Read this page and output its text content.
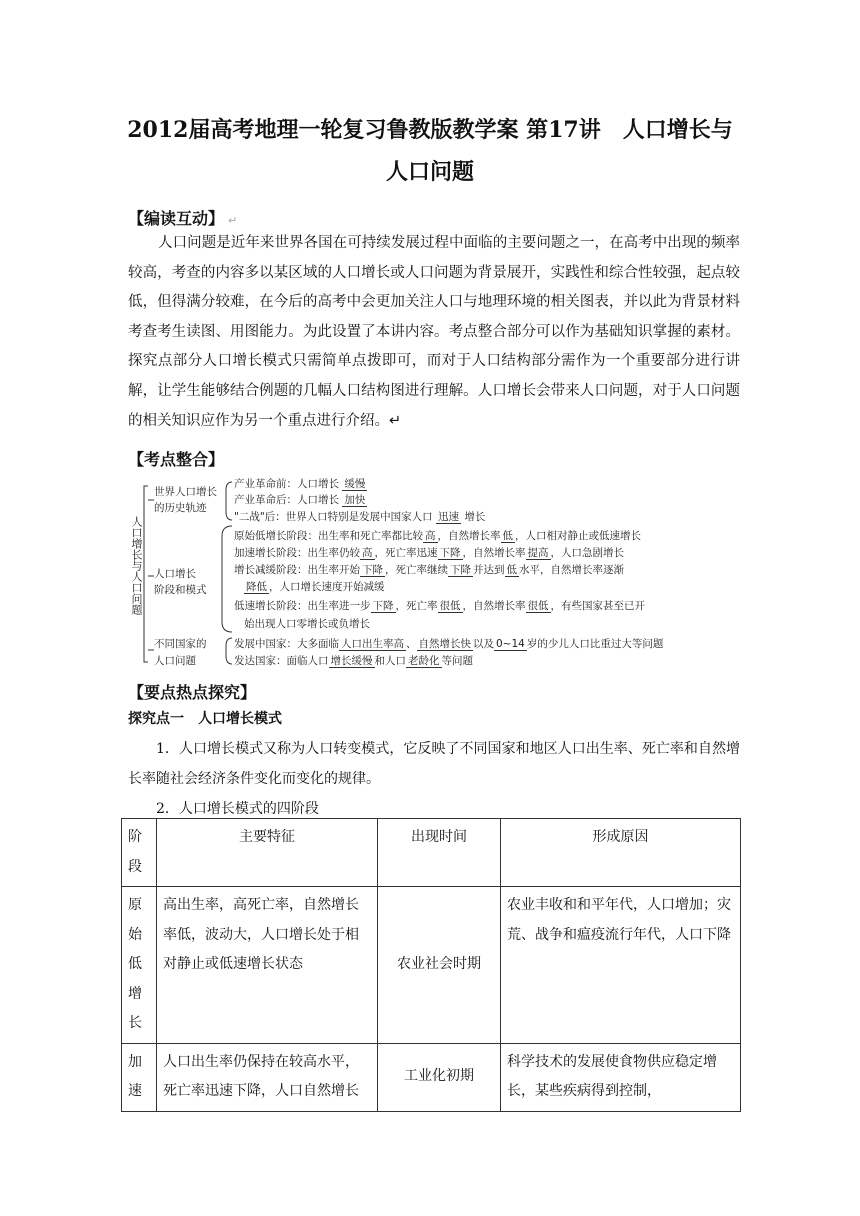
2012届高考地理一轮复习鲁教版教学案 第17讲　人口增长与
人口问题
【编读互动】 ↵
人口问题是近年来世界各国在可持续发展过程中面临的主要问题之一，在高考中出现的频率较高，考查的内容多以某区域的人口增长或人口问题为背景展开，实践性和综合性较强，起点较低，但得满分较难，在今后的高考中会更加关注人口与地理环境的相关图表，并以此为背景材料考查考生读图、用图能力。为此设置了本讲内容。考点整合部分可以作为基础知识掌握的素材。探究点部分人口增长模式只需简单点拨即可，而对于人口结构部分需作为一个重要部分进行讲解，让学生能够结合例题的几幅人口结构图进行理解。人口增长会带来人口问题，对于人口问题的相关知识应作为另一个重点进行介绍。↵
【考点整合】
人口增长与人口问题
世界人口增长
的历史轨迹
产业革命前：人口增长 缓慢
产业革命后：人口增长 加快
"二战"后：世界人口特别是发展中国家人口 迅速 增长
人口增长
阶段和模式
原始低增长阶段：出生率和死亡率都比较 高 ，自然增长率 低 ，人口相对静止或低速增长
加速增长阶段：出生率仍较 高 ，死亡率迅速 下降 ，自然增长率 提高 ，人口急剧增长
增长减缓阶段：出生率开始 下降 ，死亡率继续 下降 并达到 低 水平，自然增长率逐渐
降低 ，人口增长速度开始减缓
低速增长阶段：出生率进一步 下降 ，死亡率 很低 ，自然增长率 很低 ，有些国家甚至已开
始出现人口零增长或负增长
不同国家的
人口问题
发展中国家：大多面临 人口出生率高 、 自然增长快 以及 0~14 岁的少儿人口比重过大等问题
发达国家：面临人口 增长缓慢 和人口 老龄化 等问题
【要点热点探究】
探究点一　人口增长模式
1．人口增长模式又称为人口转变模式，它反映了不同国家和地区人口出生率、死亡率和自然增长率随社会经济条件变化而变化的规律。
2．人口增长模式的四阶段
阶段	主要特征	出现时间	形成原因
原始低增长	高出生率，高死亡率，自然增长率低，波动大，人口增长处于相对静止或低速增长状态	农业社会时期	农业丰收和和平年代，人口增加；灾荒、战争和瘟疫流行年代，人口下降
加速	人口出生率仍保持在较高水平，死亡率迅速下降，人口自然增长	工业化初期	科学技术的发展使食物供应稳定增长，某些疾病得到控制，
